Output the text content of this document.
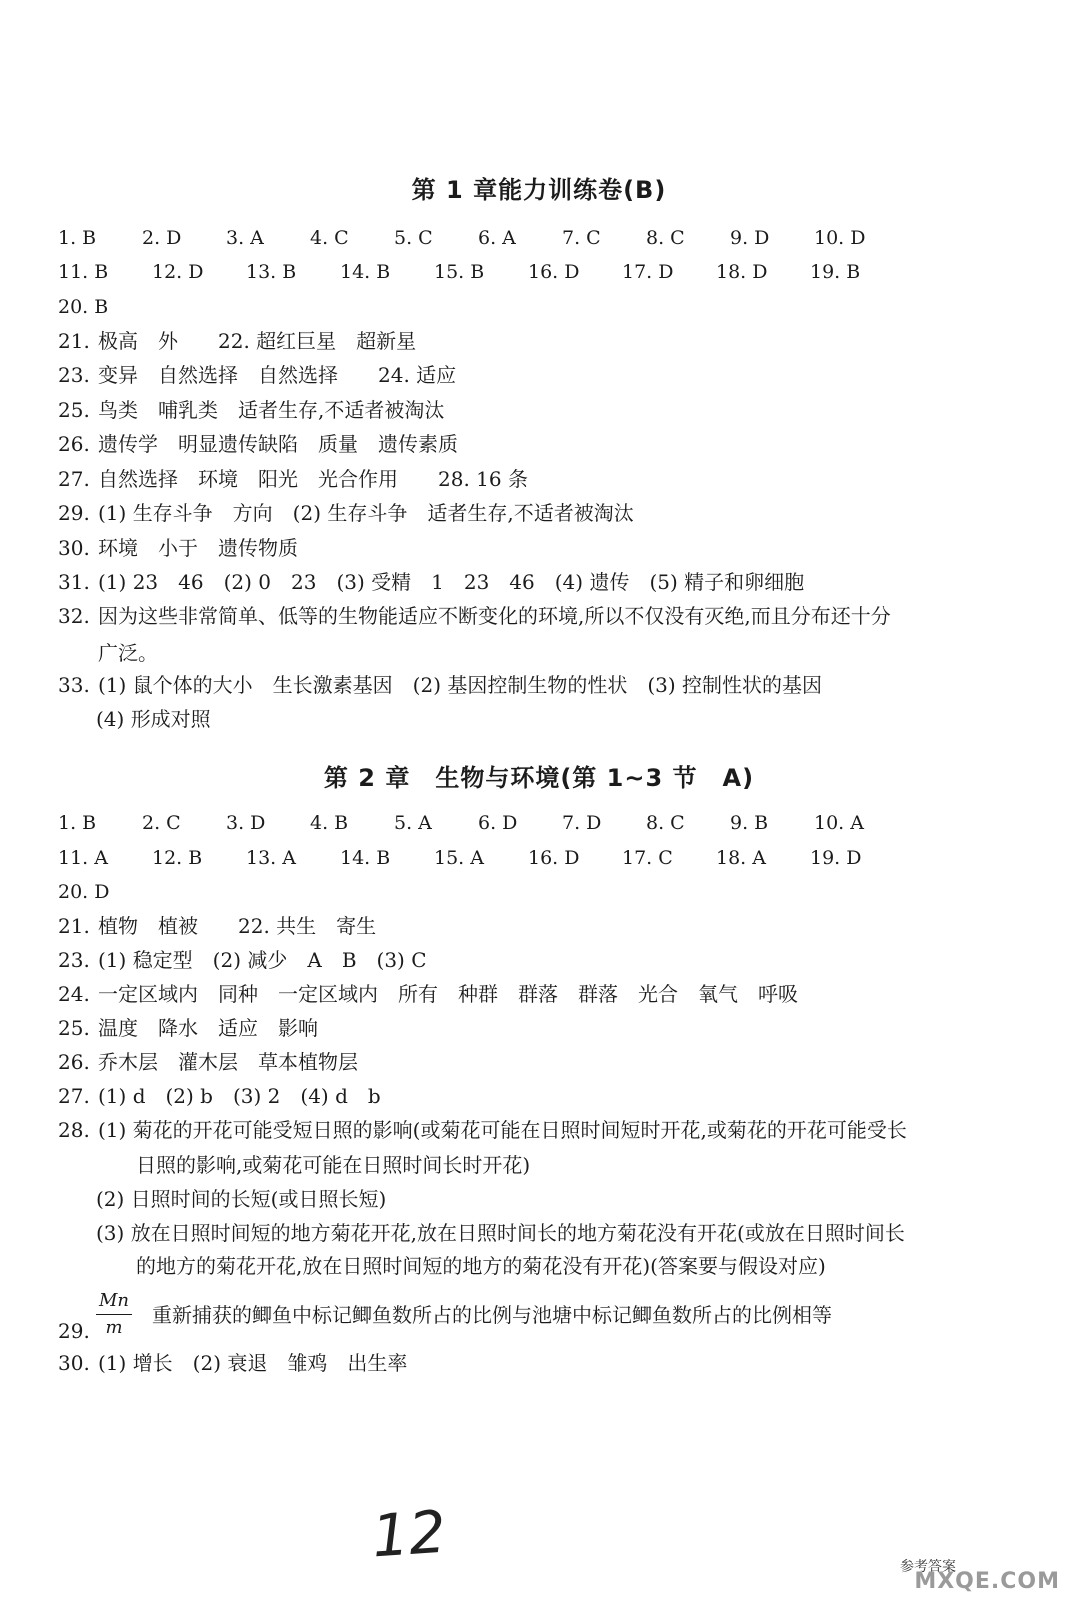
第 1 章能力训练卷(B)
1. B 2. D 3. A 4. C 5. C 6. A 7. C 8. C 9. D 10. D
11. B 12. D 13. B 14. B 15. B 16. D 17. D 18. D 19. B
20. B
21. 极高　外　　22. 超红巨星　超新星
23. 变异　自然选择　自然选择　　24. 适应
25. 鸟类　哺乳类　适者生存,不适者被淘汰
26. 遗传学　明显遗传缺陷　质量　遗传素质
27. 自然选择　环境　阳光　光合作用　　28. 16 条
29. (1) 生存斗争　方向　(2) 生存斗争　适者生存,不适者被淘汰
30. 环境　小于　遗传物质
31. (1) 23　46　(2) 0　23　(3) 受精　1　23　46　(4) 遗传　(5) 精子和卵细胞
32. 因为这些非常简单、低等的生物能适应不断变化的环境,所以不仅没有灭绝,而且分布还十分
33. (1) 鼠个体的大小　生长激素基因　(2) 基因控制生物的性状　(3) 控制性状的基因
广泛。
(4) 形成对照
第 2 章　生物与环境(第 1~3 节　A)
1. B 2. C 3. D 4. B 5. A 6. D 7. D 8. C 9. B 10. A
11. A 12. B 13. A 14. B 15. A 16. D 17. C 18. A 19. D
20. D
21. 植物　植被　　22. 共生　寄生
23. (1) 稳定型　(2) 减少　A　B　(3) C
24. 一定区域内　同种　一定区域内　所有　种群　群落　群落　光合　氧气　呼吸
25. 温度　降水　适应　影响
26. 乔木层　灌木层　草本植物层
27. (1) d　(2) b　(3) 2　(4) d　b
28. (1) 菊花的开花可能受短日照的影响(或菊花可能在日照时间短时开花,或菊花的开花可能受长
日照的影响,或菊花可能在日照时间长时开花)
(2) 日照时间的长短(或日照长短)
(3) 放在日照时间短的地方菊花开花,放在日照时间长的地方菊花没有开花(或放在日照时间长
的地方的菊花开花,放在日照时间短的地方的菊花没有开花)(答案要与假设对应)
29.
Mn
m
重新捕获的鲫鱼中标记鲫鱼数所占的比例与池塘中标记鲫鱼数所占的比例相等
30. (1) 增长　(2) 衰退　雏鸡　出生率
12	参考答案
MXQE.COM
